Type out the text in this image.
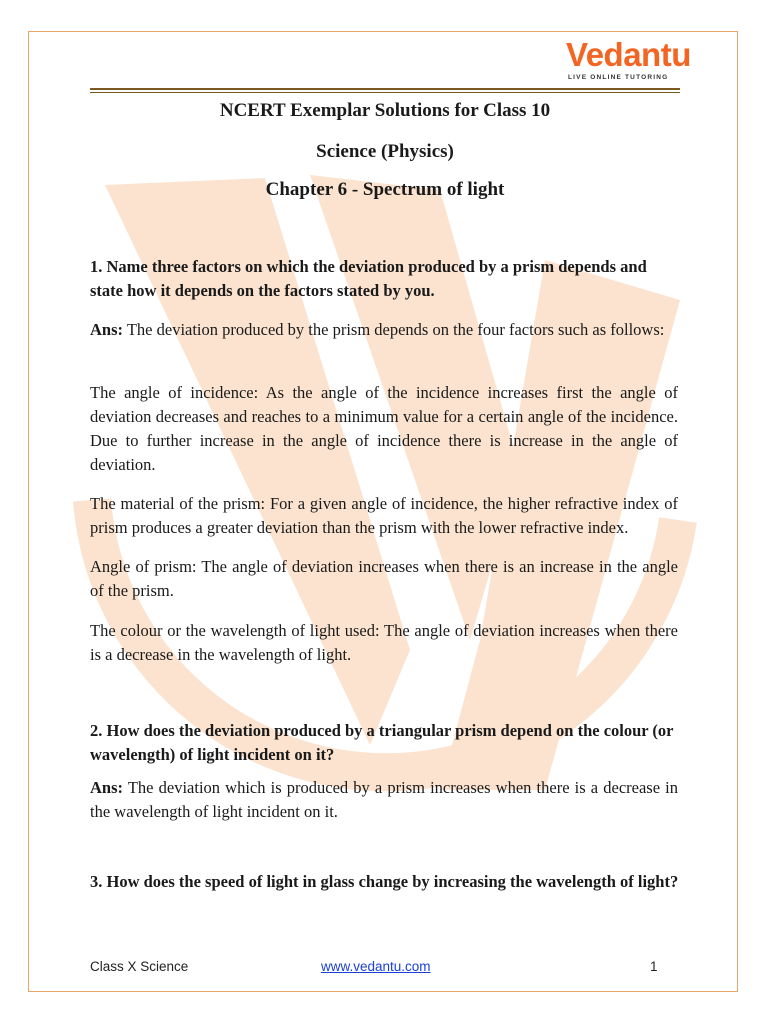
Vedantu
LIVE ONLINE TUTORING
NCERT Exemplar Solutions for Class 10
Science (Physics)
Chapter 6 - Spectrum of light
1. Name three factors on which the deviation produced by a prism depends and state how it depends on the factors stated by you.
Ans: The deviation produced by the prism depends on the four factors such as follows:
The angle of incidence: As the angle of the incidence increases first the angle of deviation decreases and reaches to a minimum value for a certain angle of the incidence. Due to further increase in the angle of incidence there is increase in the angle of deviation.
The material of the prism: For a given angle of incidence, the higher refractive index of prism produces a greater deviation than the prism with the lower refractive index.
Angle of prism: The angle of deviation increases when there is an increase in the angle of the prism.
The colour or the wavelength of light used: The angle of deviation increases when there is a decrease in the wavelength of light.
2. How does the deviation produced by a triangular prism depend on the colour (or wavelength) of light incident on it?
Ans: The deviation which is produced by a prism increases when there is a decrease in the wavelength of light incident on it.
3. How does the speed of light in glass change by increasing the wavelength of light?
Class X Science	www.vedantu.com	1
